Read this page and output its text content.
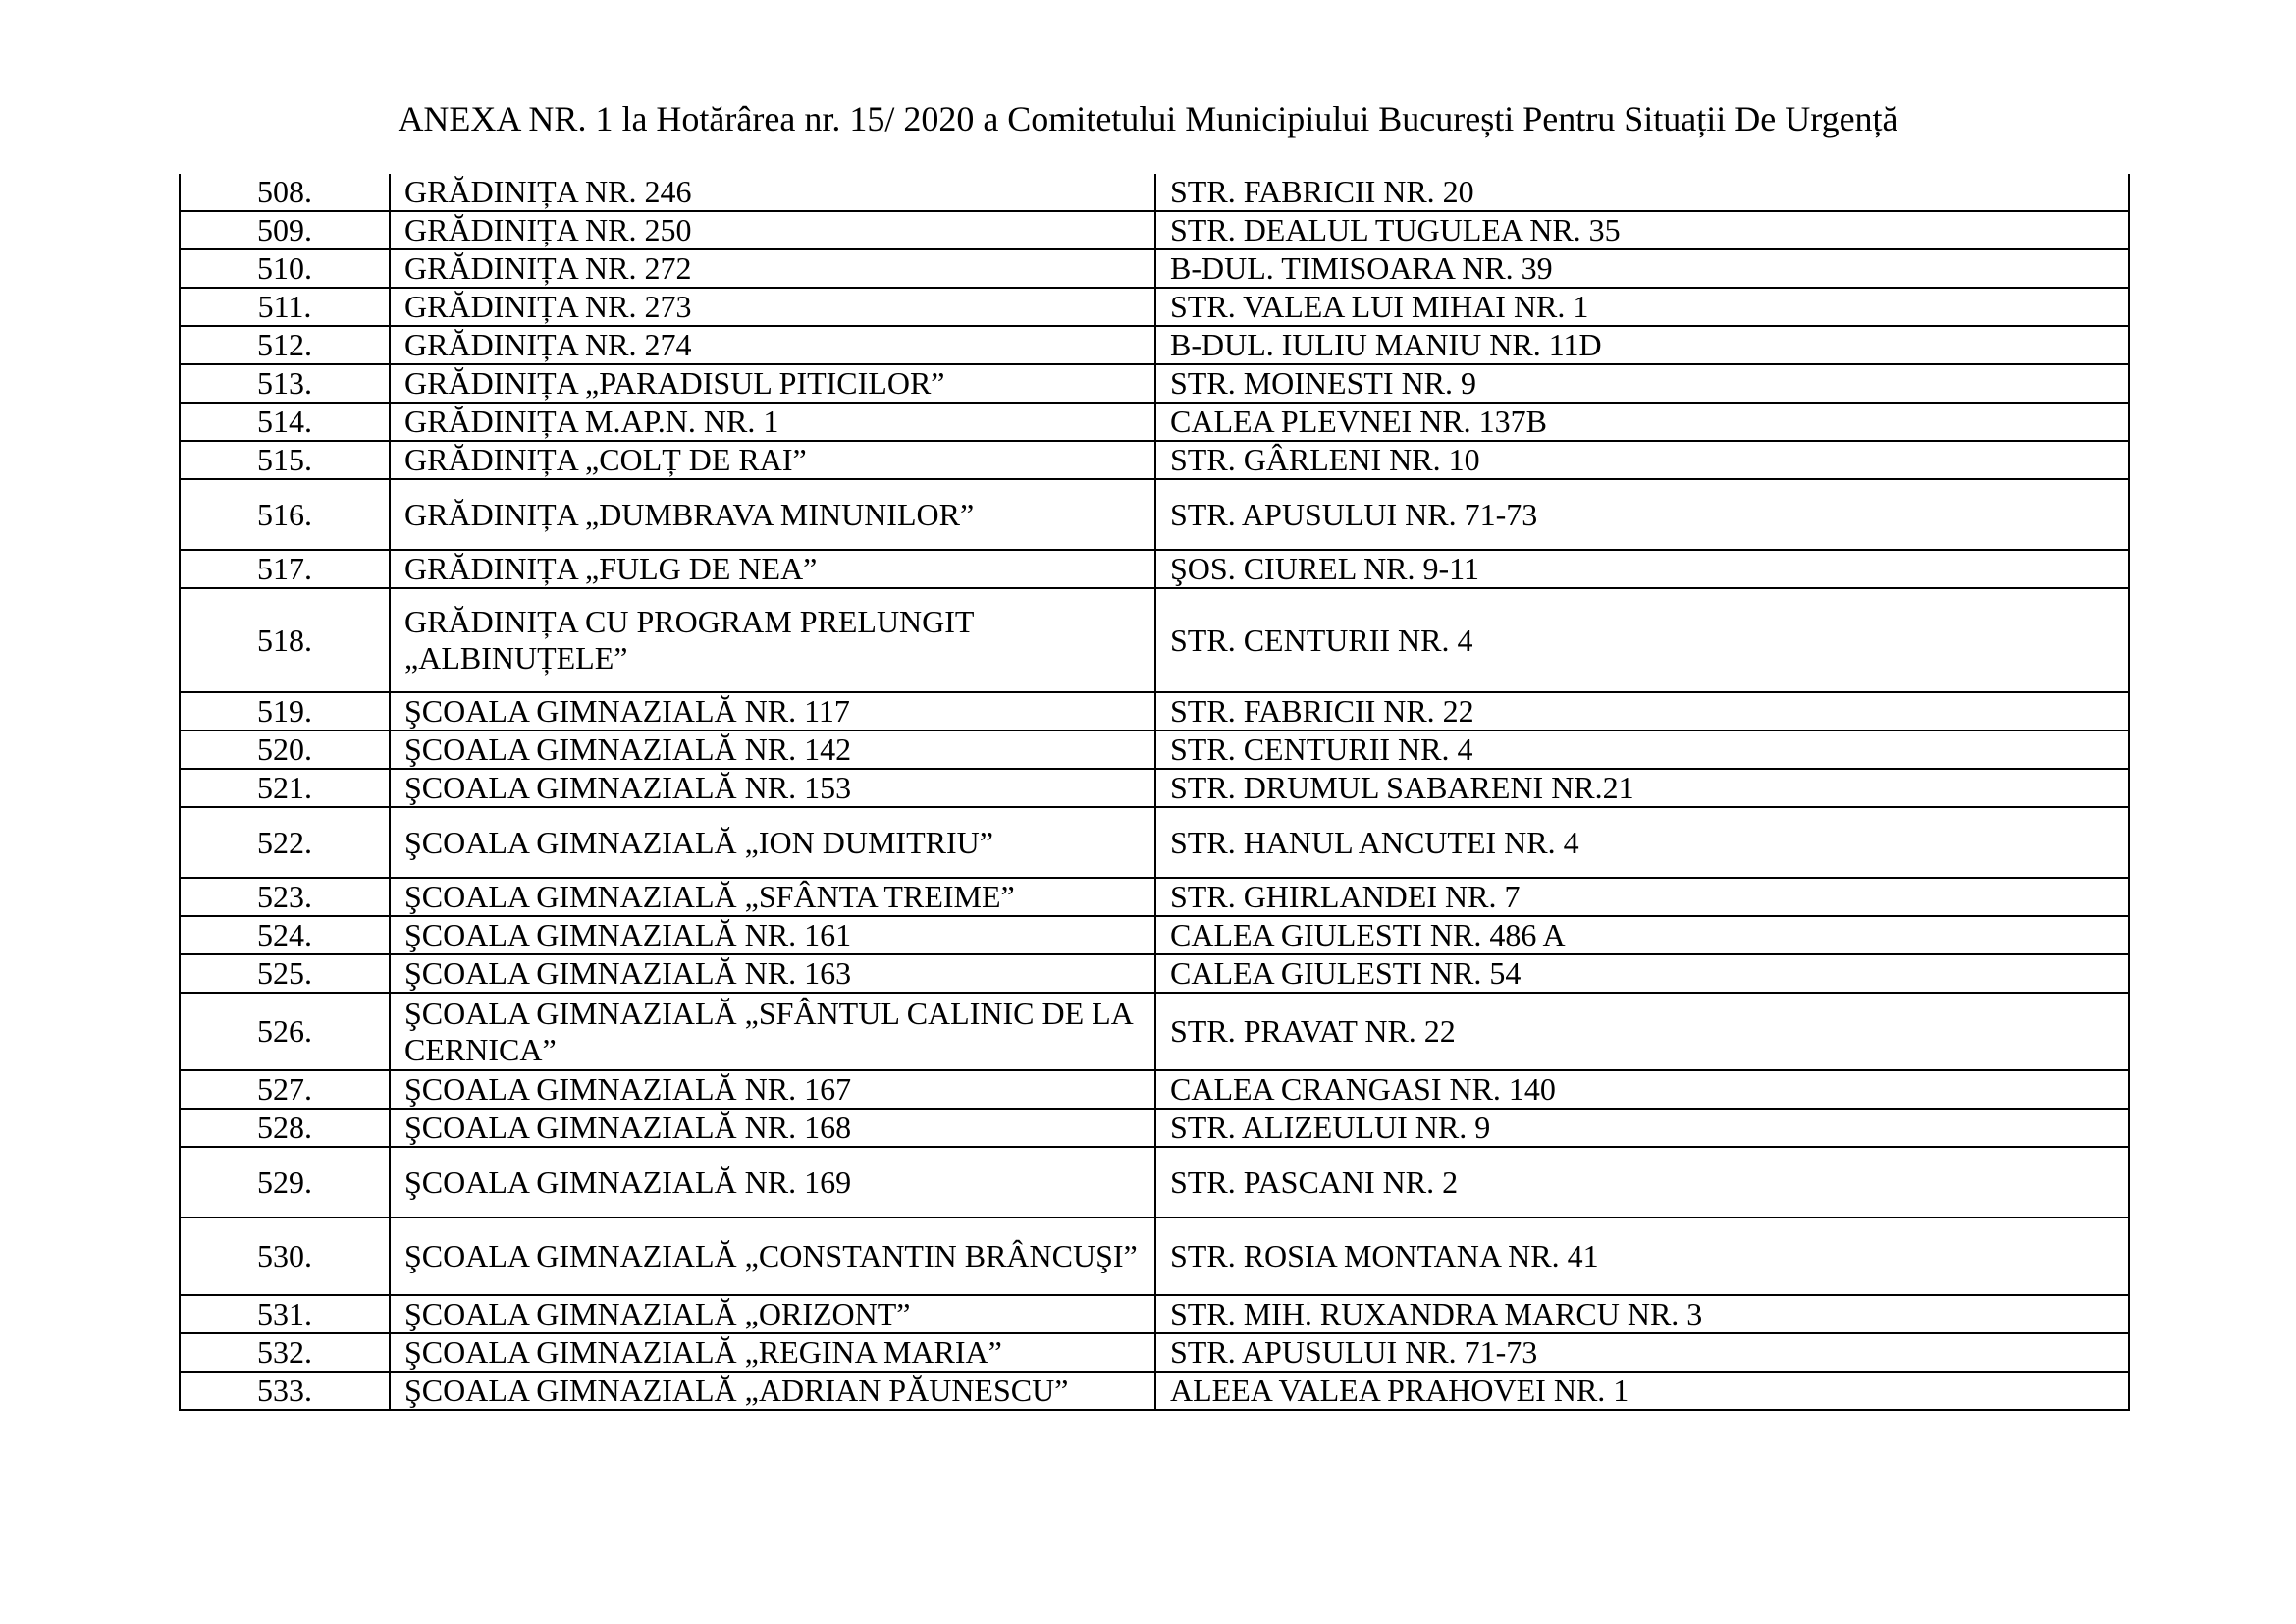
ANEXA NR. 1 la Hotărârea nr. 15/ 2020 a Comitetului Municipiului București Pentru Situații De Urgență
508.	GRĂDINIȚA NR. 246	STR. FABRICII NR. 20
509.	GRĂDINIȚA NR. 250	STR. DEALUL TUGULEA NR. 35
510.	GRĂDINIȚA NR. 272	B-DUL. TIMISOARA NR. 39
511.	GRĂDINIȚA NR. 273	STR. VALEA LUI MIHAI NR. 1
512.	GRĂDINIȚA NR. 274	B-DUL. IULIU MANIU NR. 11D
513.	GRĂDINIȚA „PARADISUL PITICILOR”	STR. MOINESTI NR. 9
514.	GRĂDINIȚA M.AP.N. NR. 1	CALEA PLEVNEI NR. 137B
515.	GRĂDINIȚA „COLȚ DE RAI”	STR. GÂRLENI NR. 10
516.	GRĂDINIȚA „DUMBRAVA MINUNILOR”	STR. APUSULUI NR. 71-73
517.	GRĂDINIȚA „FULG DE NEA”	ŞOS. CIUREL NR. 9-11
518.	GRĂDINIȚA CU PROGRAM PRELUNGIT „ALBINUȚELE”	STR. CENTURII NR. 4
519.	ŞCOALA GIMNAZIALĂ NR. 117	STR. FABRICII NR. 22
520.	ŞCOALA GIMNAZIALĂ NR. 142	STR. CENTURII NR. 4
521.	ŞCOALA GIMNAZIALĂ NR. 153	STR. DRUMUL SABARENI NR.21
522.	ŞCOALA GIMNAZIALĂ „ION DUMITRIU”	STR. HANUL ANCUTEI NR. 4
523.	ŞCOALA GIMNAZIALĂ „SFÂNTA TREIME”	STR. GHIRLANDEI NR. 7
524.	ŞCOALA GIMNAZIALĂ NR. 161	CALEA GIULESTI NR. 486 A
525.	ŞCOALA GIMNAZIALĂ NR. 163	CALEA GIULESTI NR. 54
526.	ŞCOALA GIMNAZIALĂ „SFÂNTUL CALINIC DE LA CERNICA”	STR. PRAVAT NR. 22
527.	ŞCOALA GIMNAZIALĂ NR. 167	CALEA CRANGASI NR. 140
528.	ŞCOALA GIMNAZIALĂ NR. 168	STR. ALIZEULUI NR. 9
529.	ŞCOALA GIMNAZIALĂ NR. 169	STR. PASCANI NR. 2
530.	ŞCOALA GIMNAZIALĂ „CONSTANTIN BRÂNCUŞI”	STR. ROSIA MONTANA NR. 41
531.	ŞCOALA GIMNAZIALĂ „ORIZONT”	STR. MIH. RUXANDRA MARCU NR. 3
532.	ŞCOALA GIMNAZIALĂ „REGINA MARIA”	STR. APUSULUI NR. 71-73
533.	ŞCOALA GIMNAZIALĂ „ADRIAN PĂUNESCU”	ALEEA VALEA PRAHOVEI NR. 1
